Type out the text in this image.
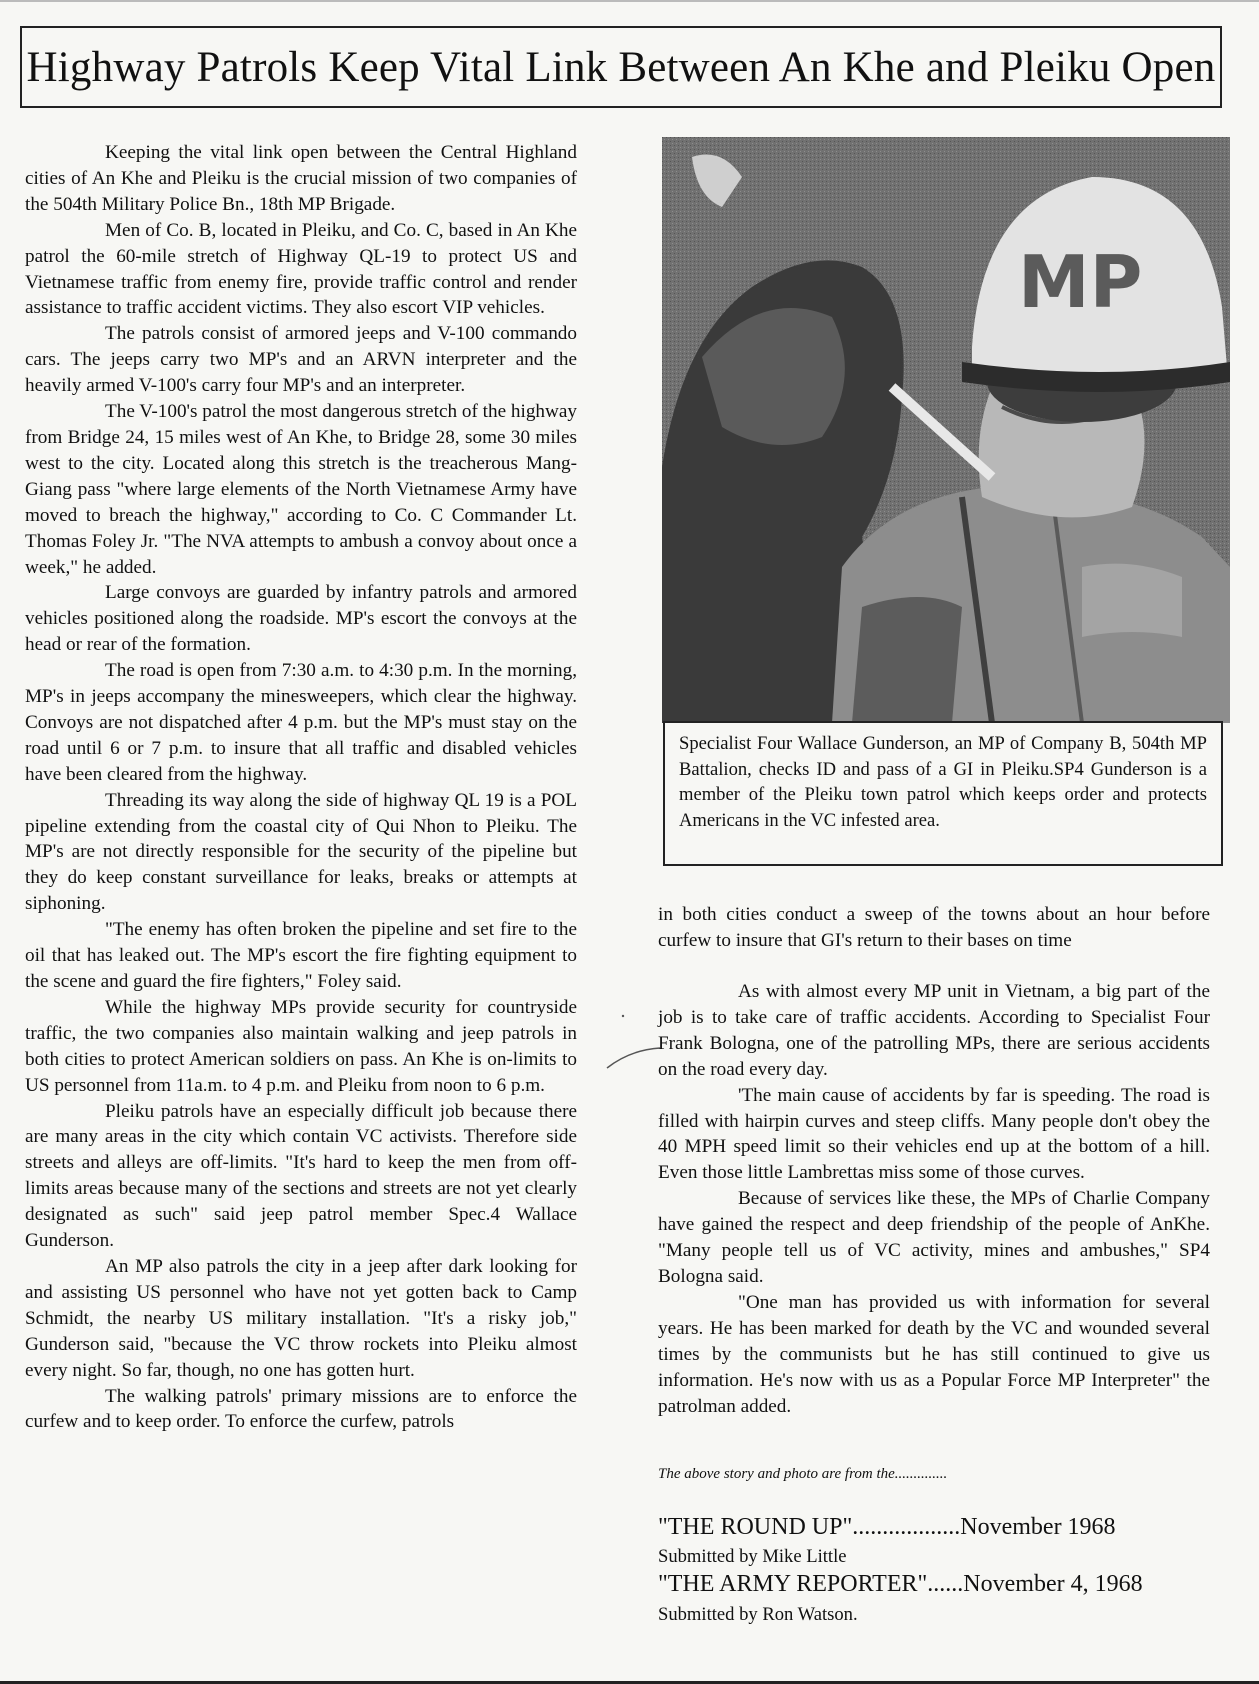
Highway Patrols Keep Vital Link Between An Khe and Pleiku Open

Keeping the vital link open between the Central Highland cities of An Khe and Pleiku is the crucial mission of two companies of the 504th Military Police Bn., 18th MP Brigade.

Men of Co. B, located in Pleiku, and Co. C, based in An Khe patrol the 60-mile stretch of Highway QL-19 to protect US and Vietnamese traffic from enemy fire, provide traffic control and render assistance to traffic accident victims. They also escort VIP vehicles.

The patrols consist of armored jeeps and V-100 commando cars. The jeeps carry two MP's and an ARVN interpreter and the heavily armed V-100's carry four MP's and an interpreter.

The V-100's patrol the most dangerous stretch of the highway from Bridge 24, 15 miles west of An Khe, to Bridge 28, some 30 miles west to the city. Located along this stretch is the treacherous Mang-Giang pass "where large elements of the North Vietnamese Army have moved to breach the highway," according to Co. C Commander Lt. Thomas Foley Jr. "The NVA attempts to ambush a convoy about once a week," he added.

Large convoys are guarded by infantry patrols and armored vehicles positioned along the roadside. MP's escort the convoys at the head or rear of the formation.

The road is open from 7:30 a.m. to 4:30 p.m. In the morning, MP's in jeeps accompany the minesweepers, which clear the highway. Convoys are not dispatched after 4 p.m. but the MP's must stay on the road until 6 or 7 p.m. to insure that all traffic and disabled vehicles have been cleared from the highway.

Threading its way along the side of highway QL 19 is a POL pipeline extending from the coastal city of Qui Nhon to Pleiku. The MP's are not directly responsible for the security of the pipeline but they do keep constant surveillance for leaks, breaks or attempts at siphoning.

"The enemy has often broken the pipeline and set fire to the oil that has leaked out. The MP's escort the fire fighting equipment to the scene and guard the fire fighters," Foley said.

While the highway MPs provide security for countryside traffic, the two companies also maintain walking and jeep patrols in both cities to protect American soldiers on pass. An Khe is on-limits to US personnel from 11a.m. to 4 p.m. and Pleiku from noon to 6 p.m.

Pleiku patrols have an especially difficult job because there are many areas in the city which contain VC activists. Therefore side streets and alleys are off-limits. "It's hard to keep the men from off-limits areas because many of the sections and streets are not yet clearly designated as such" said jeep patrol member Spec.4 Wallace Gunderson.

An MP also patrols the city in a jeep after dark looking for and assisting US personnel who have not yet gotten back to Camp Schmidt, the nearby US military installation. "It's a risky job," Gunderson said, "because the VC throw rockets into Pleiku almost every night. So far, though, no one has gotten hurt.

The walking patrols' primary missions are to enforce the curfew and to keep order. To enforce the curfew, patrols

MP
Specialist Four Wallace Gunderson, an MP of Company B, 504th MP Battalion, checks ID and pass of a GI in Pleiku.SP4 Gunderson is a member of the Pleiku town patrol which keeps order and protects Americans in the VC infested area.

in both cities conduct a sweep of the towns about an hour before curfew to insure that GI's return to their bases on time

As with almost every MP unit in Vietnam, a big part of the job is to take care of traffic accidents. According to Specialist Four Frank Bologna, one of the patrolling MPs, there are serious accidents on the road every day.

'The main cause of accidents by far is speeding. The road is filled with hairpin curves and steep cliffs. Many people don't obey the 40 MPH speed limit so their vehicles end up at the bottom of a hill. Even those little Lambrettas miss some of those curves.

Because of services like these, the MPs of Charlie Company have gained the respect and deep friendship of the people of AnKhe. "Many people tell us of VC activity, mines and ambushes," SP4 Bologna said.

"One man has provided us with information for several years. He has been marked for death by the VC and wounded several times by the communists but he has still continued to give us information. He's now with us as a Popular Force MP Interpreter" the patrolman added.

The above story and photo are from the..............
"THE ROUND UP"..................November 1968
Submitted by Mike Little
"THE ARMY REPORTER"......November 4, 1968
Submitted by Ron Watson.
